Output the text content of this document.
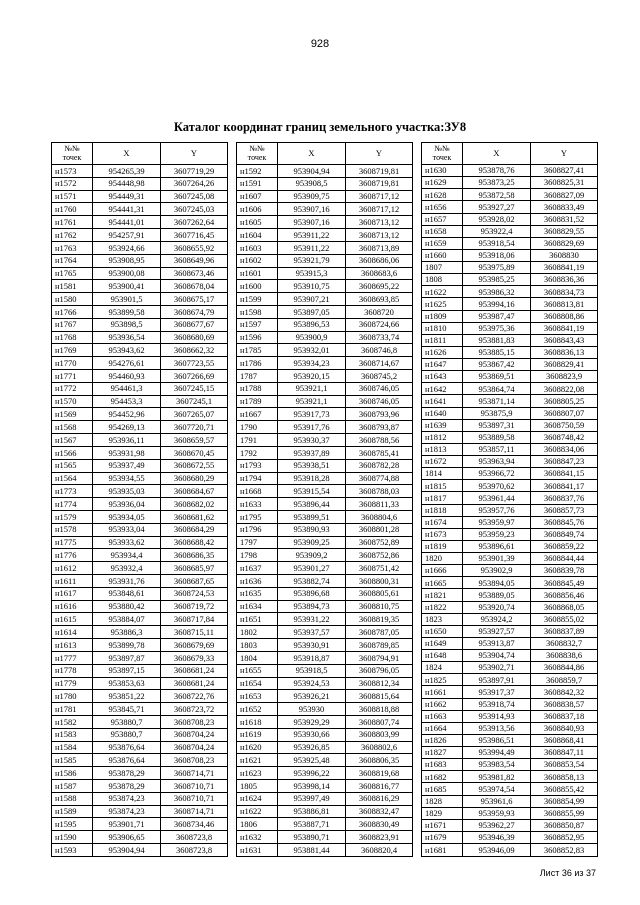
928
Каталог координат границ земельного участка:ЗУ8
№№
точек	X	Y
н1573	954265,39	3607719,29
н1572	954448,98	3607264,26
н1571	954449,31	3607245,08
н1760	954441,31	3607245,03
н1761	954441,01	3607262,64
н1762	954257,91	3607716,45
н1763	953924,66	3608655,92
н1764	953908,95	3608649,96
н1765	953900,08	3608673,46
н1581	953900,41	3608678,04
н1580	953901,5	3608675,17
н1766	953899,58	3608674,79
н1767	953898,5	3608677,67
н1768	953936,54	3608680,69
н1769	953943,62	3608662,32
н1770	954276,61	3607723,55
н1771	954460,93	3607266,69
н1772	954461,3	3607245,15
н1570	954453,3	3607245,1
н1569	954452,96	3607265,07
н1568	954269,13	3607720,71
н1567	953936,11	3608659,57
н1566	953931,98	3608670,45
н1565	953937,49	3608672,55
н1564	953934,55	3608680,29
н1773	953935,03	3608684,67
н1774	953936,04	3608682,02
н1579	953934,05	3608681,62
н1578	953933,04	3608684,29
н1775	953933,62	3608688,42
н1776	953934,4	3608686,35
н1612	953932,4	3608685,97
н1611	953931,76	3608687,65
н1617	953848,61	3608724,53
н1616	953880,42	3608719,72
н1615	953884,07	3608717,84
н1614	953886,3	3608715,11
н1613	953899,78	3608679,69
н1777	953897,87	3608679,33
н1778	953897,15	3608681,24
н1779	953853,63	3608681,24
н1780	953851,22	3608722,76
н1781	953845,71	3608723,72
н1582	953880,7	3608708,23
н1583	953880,7	3608704,24
н1584	953876,64	3608704,24
н1585	953876,64	3608708,23
н1586	953878,29	3608714,71
н1587	953878,29	3608710,71
н1588	953874,23	3608710,71
н1589	953874,23	3608714,71
н1595	953901,71	3608734,46
н1590	953906,65	3608723,8
н1593	953904,94	3608723,8
№№
точек	X	Y
н1592	953904,94	3608719,81
н1591	953908,5	3608719,81
н1607	953909,75	3608717,12
н1606	953907,16	3608717,12
н1605	953907,16	3608713,12
н1604	953911,22	3608713,12
н1603	953911,22	3608713,89
н1602	953921,79	3608686,06
н1601	953915,3	3608683,6
н1600	953910,75	3608695,22
н1599	953907,21	3608693,85
н1598	953897,05	3608720
н1597	953896,53	3608724,66
н1596	953900,9	3608733,74
н1785	953932,01	3608746,8
н1786	953934,23	3608714,67
1787	953920,15	3608745,2
н1788	953921,1	3608746,05
н1789	953921,1	3608746,05
н1667	953917,73	3608793,96
1790	953917,76	3608793,87
1791	953930,37	3608788,56
1792	953937,89	3608785,41
н1793	953938,51	3608782,28
н1794	953918,28	3608774,88
н1668	953915,54	3608788,03
н1633	953896,44	3608811,33
н1795	953899,51	3608804,6
н1796	953890,93	3608801,28
1797	953909,25	3608752,89
1798	953909,2	3608752,86
н1637	953901,27	3608751,42
н1636	953882,74	3608800,31
н1635	953896,68	3608805,61
н1634	953894,73	3608810,75
н1651	953931,22	3608819,35
1802	953937,57	3608787,05
1803	953930,91	3608789,85
1804	953918,87	3608794,91
н1655	953918,5	3608796,05
н1654	953924,53	3608812,34
н1653	953926,21	3608815,64
н1652	953930	3608818,88
н1618	953929,29	3608807,74
н1619	953930,66	3608803,99
н1620	953926,85	3608802,6
н1621	953925,48	3608806,35
н1623	953996,22	3608819,68
1805	953998,14	3608816,77
н1624	953997,49	3608816,29
н1622	953886,81	3608832,47
1806	953887,71	3608830,49
н1632	953890,71	3608823,91
н1631	953881,44	3608820,4
№№
точек	X	Y
н1630	953878,76	3608827,41
н1629	953873,25	3608825,31
н1628	953872,58	3608827,09
н1656	953927,27	3608833,49
н1657	953928,02	3608831,52
н1658	953922,4	3608829,55
н1659	953918,54	3608829,69
н1660	953918,06	3608830
1807	953975,89	3608841,19
1808	953985,25	3608836,36
н1622	953986,32	3608834,73
н1625	953994,16	3608813,81
н1809	953987,47	3608808,86
н1810	953975,36	3608841,19
н1811	953881,83	3608843,43
н1626	953885,15	3608836,13
н1647	953867,42	3608829,41
н1643	953869,51	3608823,9
н1642	953864,74	3608822,08
н1641	953871,14	3608805,25
н1640	953875,9	3608807,07
н1639	953897,31	3608750,59
н1812	953889,58	3608748,42
н1813	953857,11	3608834,06
н1672	953963,94	3608847,23
1814	953966,72	3608841,15
н1815	953970,62	3608841,17
н1817	953961,44	3608837,76
н1818	953957,76	3608857,73
н1674	953959,97	3608845,76
н1673	953959,23	3608849,74
н1819	953896,61	3608859,22
1820	953901,39	3608844,44
н1666	953902,9	3608839,78
н1665	953894,05	3608845,49
н1821	953889,05	3608856,46
н1822	953920,74	3608868,05
1823	953924,2	3608855,02
н1650	953927,57	3608837,89
н1649	953913,87	3608832,7
н1648	953904,74	3608838,6
1824	953902,71	3608844,86
н1825	953897,91	3608859,7
н1661	953917,37	3608842,32
н1662	953918,74	3608838,57
н1663	953914,93	3608837,18
н1664	953913,56	3608840,93
н1826	953986,51	3608868,41
н1827	953994,49	3608847,11
н1683	953983,54	3608853,54
н1682	953981,82	3608858,13
н1685	953974,54	3608855,42
1828	953961,6	3608854,99
1829	953959,93	3608855,99
н1671	953962,27	3608850,87
н1679	953946,39	3608852,95
н1681	953946,09	3608852,83
Лист 36 из 37
